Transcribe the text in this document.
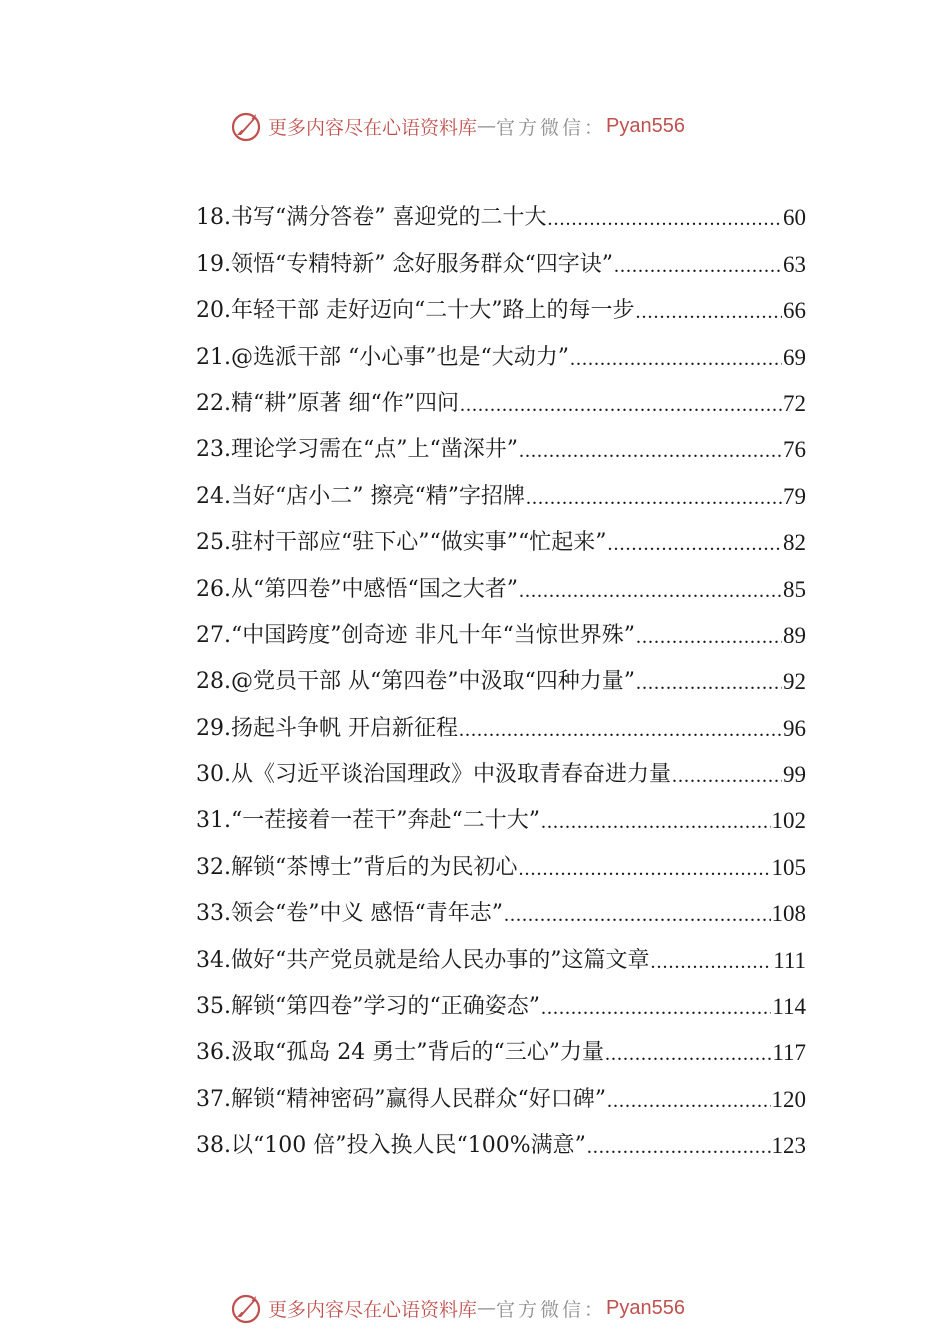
更多内容尽在心语资料库 — 官方微信： Pyan556
18.书写“满分答卷” 喜迎党的二十大 .....	60
19.领悟“专精特新” 念好服务群众“四字诀” .....	63
20.年轻干部 走好迈向“二十大”路上的每一步 .....	66
21.@选派干部 “小心事”也是“大动力” .....	69
22.精“耕”原著 细“作”四问 .....	72
23.理论学习需在“点”上“凿深井” .....	76
24.当好“店小二” 擦亮“精”字招牌 .....	79
25.驻村干部应“驻下心”“做实事”“忙起来” .....	82
26.从“第四卷”中感悟“国之大者” .....	85
27.“中国跨度”创奇迹 非凡十年“当惊世界殊” .....	89
28.@党员干部 从“第四卷”中汲取“四种力量” .....	92
29.扬起斗争帆 开启新征程 .....	96
30.从《习近平谈治国理政》中汲取青春奋进力量 .....	99
31.“一茬接着一茬干”奔赴“二十大” .....	102
32.解锁“茶博士”背后的为民初心 .....	105
33.领会“卷”中义 感悟“青年志” .....	108
34.做好“共产党员就是给人民办事的”这篇文章 .....	111
35.解锁“第四卷”学习的“正确姿态” .....	114
36.汲取“孤岛 24 勇士”背后的“三心”力量 .....	117
37.解锁“精神密码”赢得人民群众“好口碑” .....	120
38.以“100 倍”投入换人民“100%满意” .....	123
更多内容尽在心语资料库 — 官方微信： Pyan556
